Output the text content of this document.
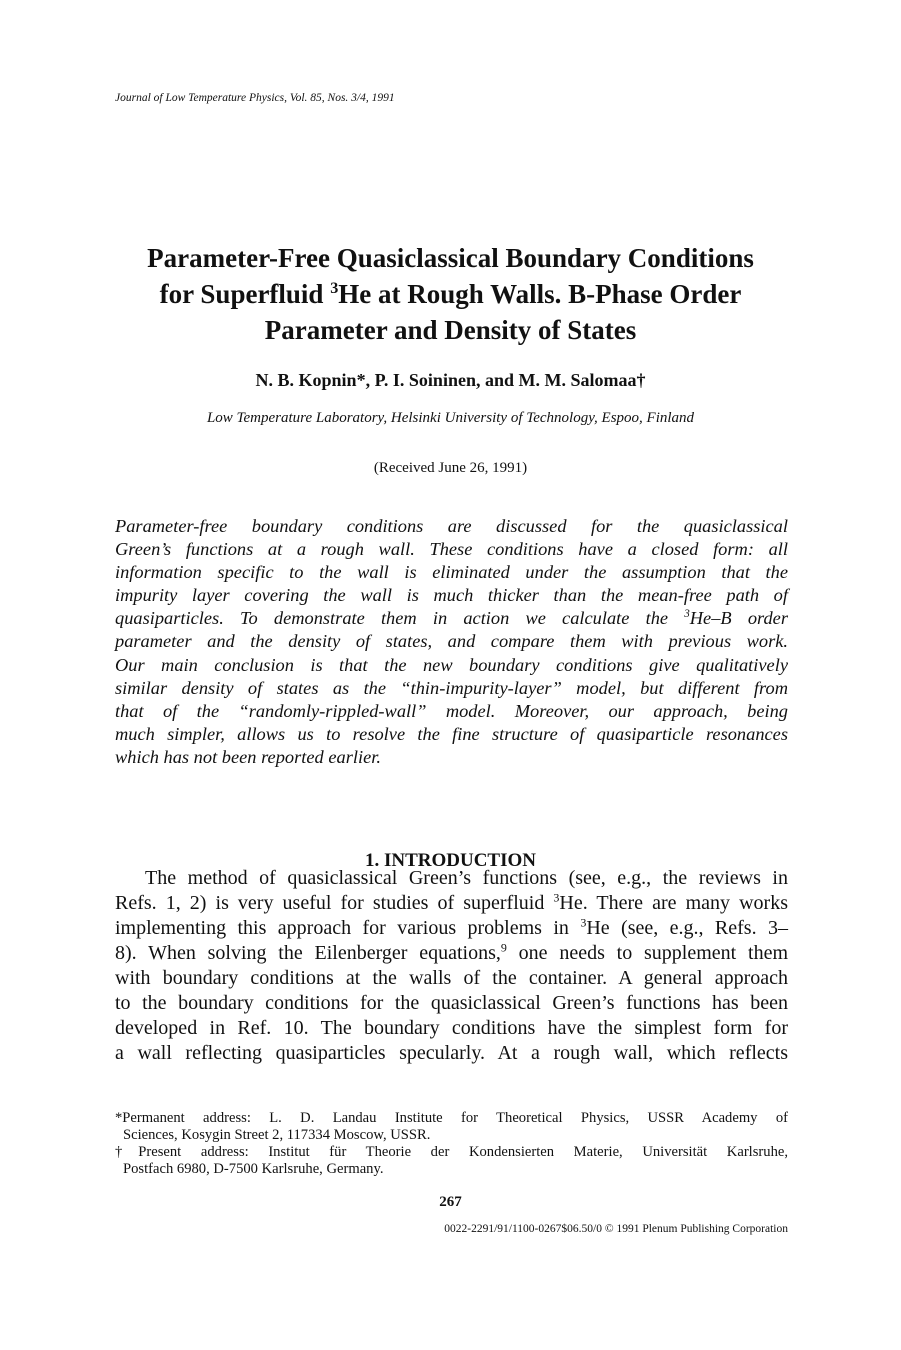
Journal of Low Temperature Physics, Vol. 85, Nos. 3/4, 1991
Parameter-Free Quasiclassical Boundary Conditions
for Superfluid $^3$He at Rough Walls. B-Phase Order
Parameter and Density of States
N. B. Kopnin*, P. I. Soininen, and M. M. Salomaa†
Low Temperature Laboratory, Helsinki University of Technology, Espoo, Finland
(Received June 26, 1991)
Parameter-free boundary conditions are discussed for the quasiclassical
Green’s functions at a rough wall. These conditions have a closed form: all
information specific to the wall is eliminated under the assumption that the
impurity layer covering the wall is much thicker than the mean-free path of
quasiparticles. To demonstrate them in action we calculate the $^3$He–B order
parameter and the density of states, and compare them with previous work.
Our main conclusion is that the new boundary conditions give qualitatively
similar density of states as the “thin-impurity-layer” model, but different from
that of the “randomly-rippled-wall” model. Moreover, our approach, being
much simpler, allows us to resolve the fine structure of quasiparticle resonances
which has not been reported earlier.
1. INTRODUCTION
The method of quasiclassical Green’s functions (see, e.g., the reviews in
Refs. 1, 2) is very useful for studies of superfluid $^3$He. There are many works
implementing this approach for various problems in $^3$He (see, e.g., Refs. 3–
8). When solving the Eilenberger equations,$^9$ one needs to supplement them
with boundary conditions at the walls of the container. A general approach
to the boundary conditions for the quasiclassical Green’s functions has been
developed in Ref. 10. The boundary conditions have the simplest form for
a wall reflecting quasiparticles specularly. At a rough wall, which reflects
*Permanent address: L. D. Landau Institute for Theoretical Physics, USSR Academy of
Sciences, Kosygin Street 2, 117334 Moscow, USSR.
†Present address: Institut für Theorie der Kondensierten Materie, Universität Karlsruhe,
Postfach 6980, D-7500 Karlsruhe, Germany.
267
0022-2291/91/1100-0267$06.50/0 © 1991 Plenum Publishing Corporation
